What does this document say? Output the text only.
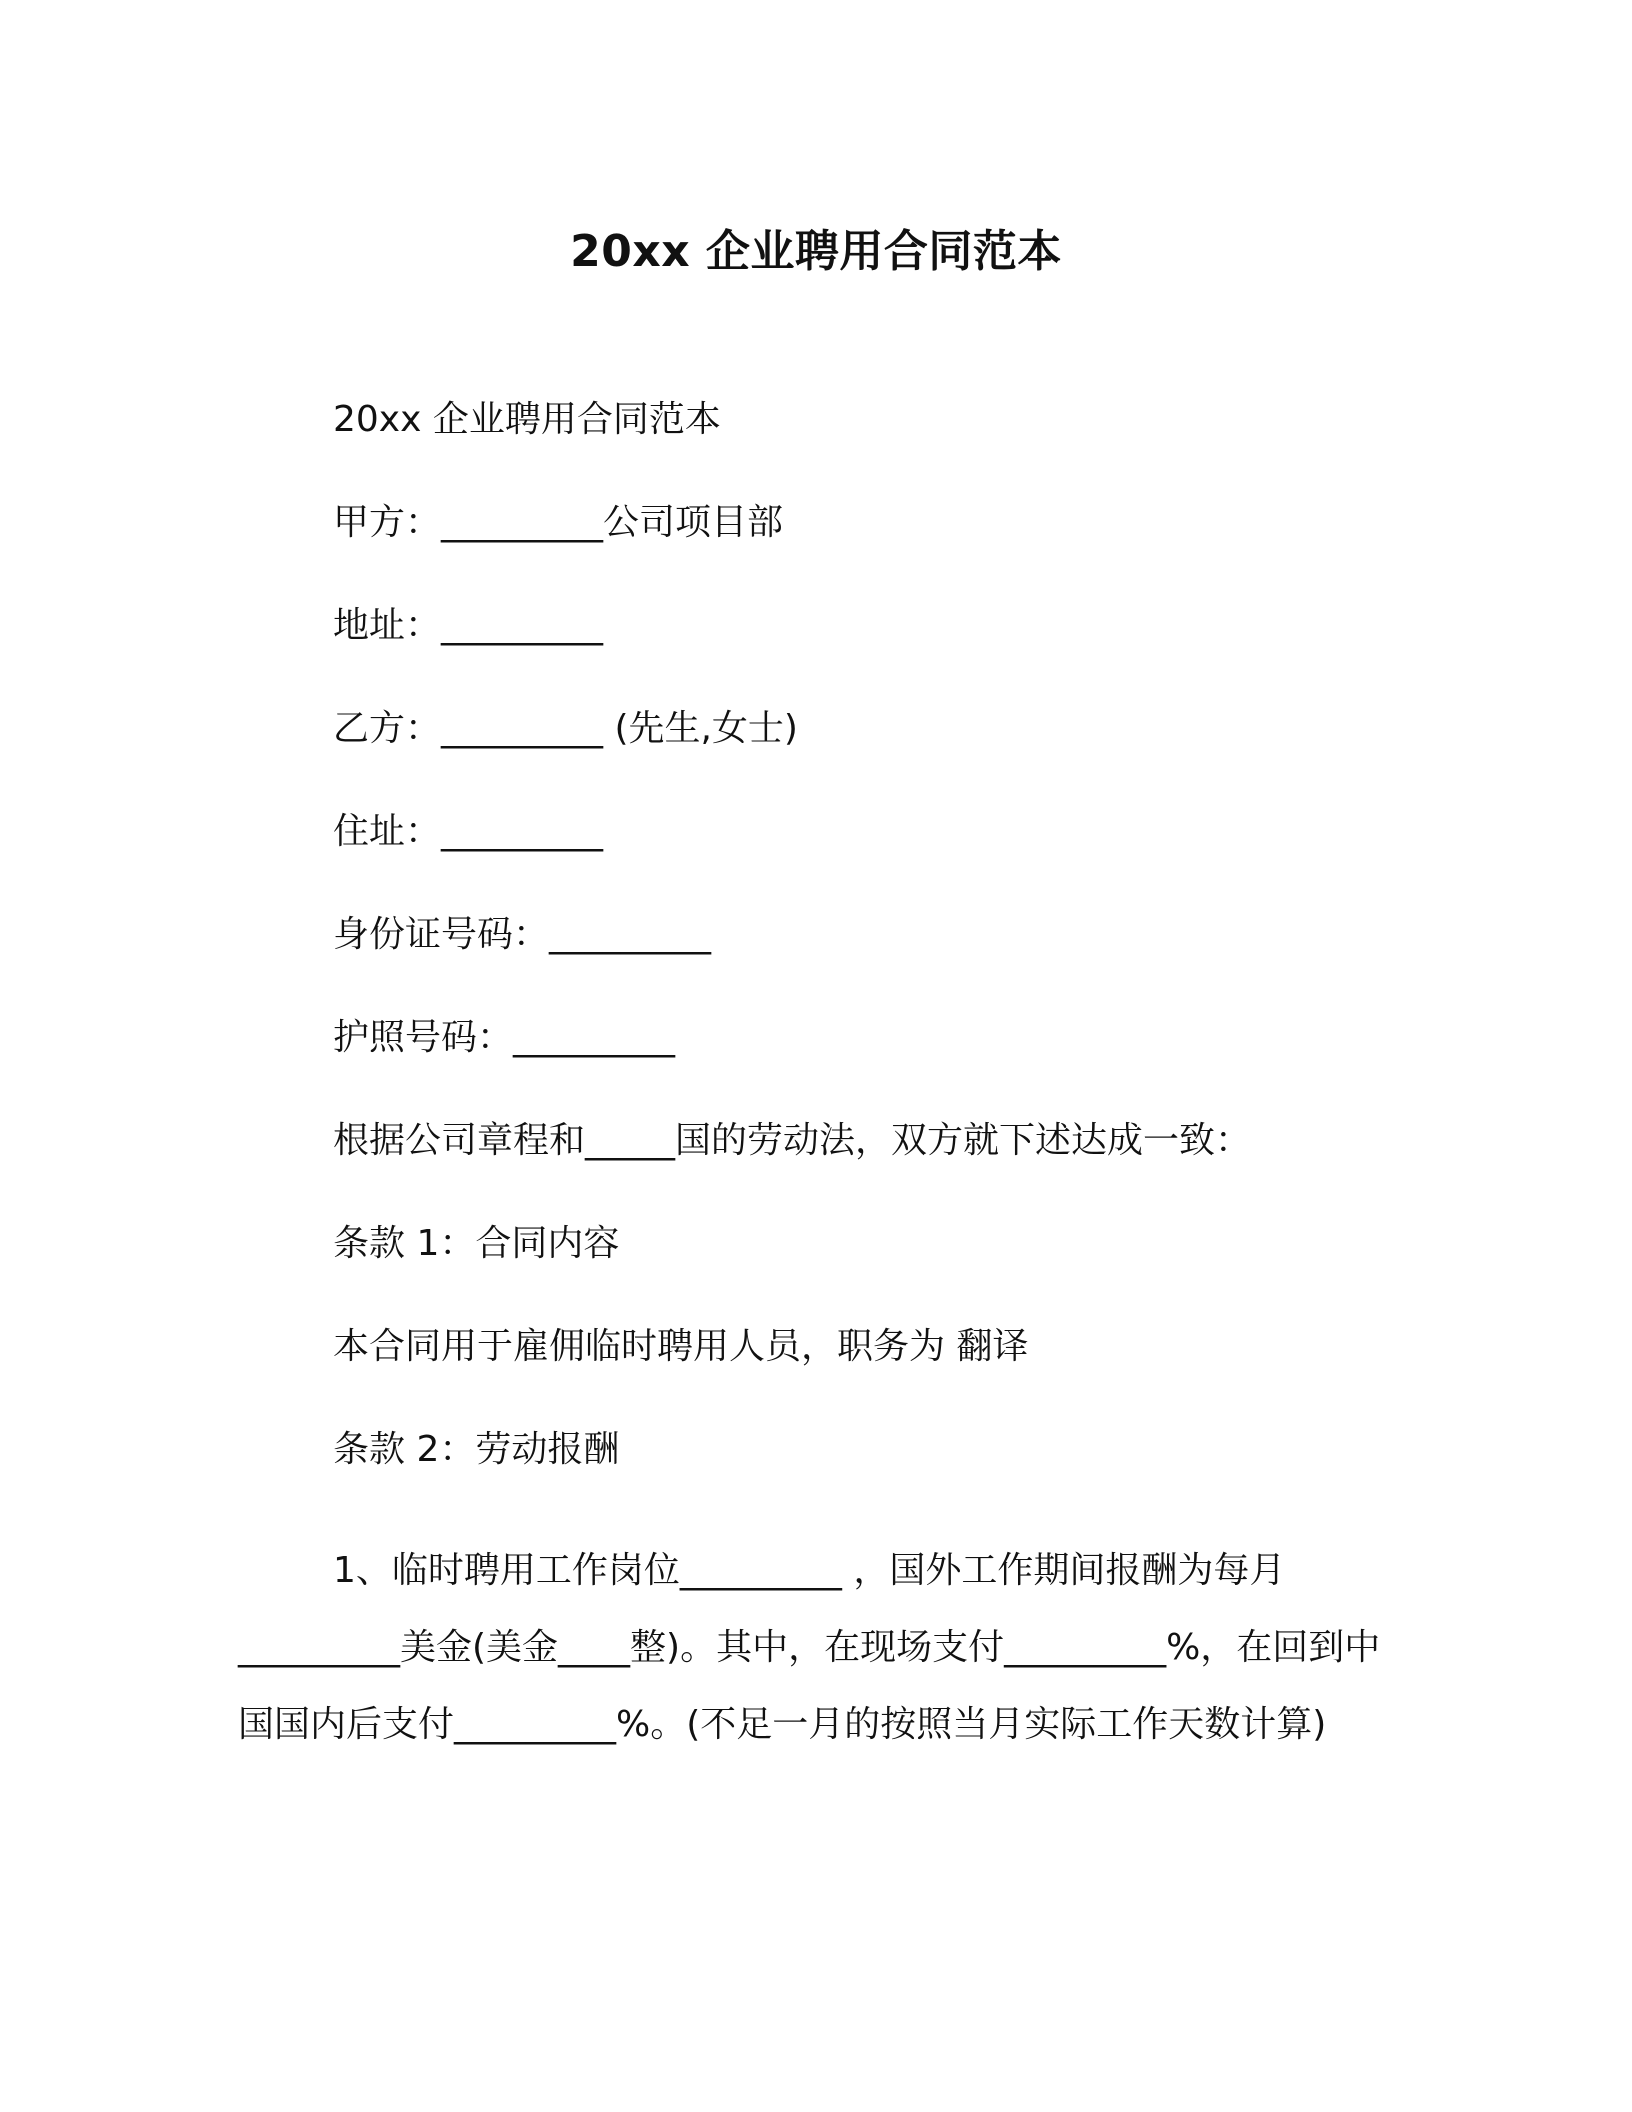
20xx 企业聘用合同范本
20xx 企业聘用合同范本
甲方：_________公司项目部
地址：_________
乙方：_________ (先生,女士)
住址：_________
身份证号码：_________
护照号码：_________
根据公司章程和_____国的劳动法，双方就下述达成一致：
条款 1：合同内容
本合同用于雇佣临时聘用人员，职务为 翻译
条款 2：劳动报酬
1、临时聘用工作岗位_________ ，国外工作期间报酬为每月_________美金(美金____整)。其中，在现场支付_________%，在回到中国国内后支付_________%。(不足一月的按照当月实际工作天数计算)
